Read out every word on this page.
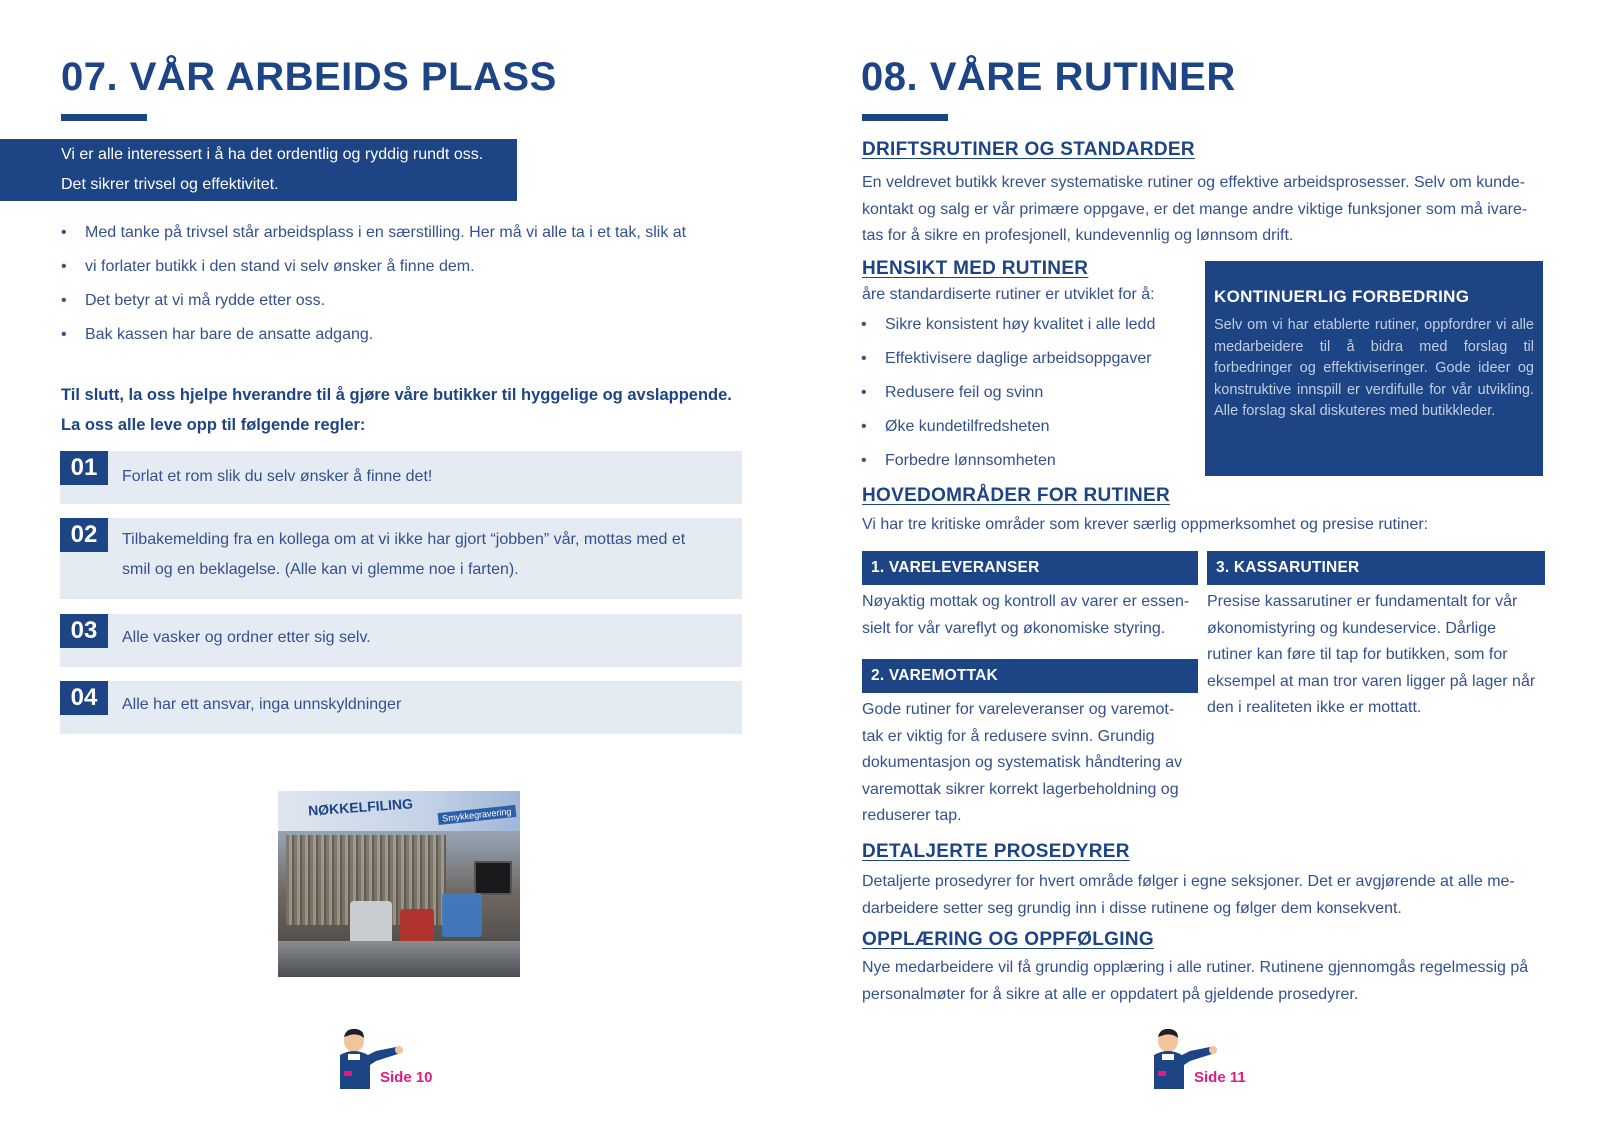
07. VÅR ARBEIDS PLASS
Vi er alle interessert i å ha det ordentlig og ryddig rundt oss.
Det sikrer trivsel og effektivitet.
• Med tanke på trivsel står arbeidsplass i en særstilling. Her må vi alle ta i et tak, slik at
• vi forlater butikk i den stand vi selv ønsker å finne dem.
• Det betyr at vi må rydde etter oss.
• Bak kassen har bare de ansatte adgang.
Til slutt, la oss hjelpe hverandre til å gjøre våre butikker til hyggelige og avslappende.
La oss alle leve opp til følgende regler:
01	Forlat et rom slik du selv ønsker å finne det!
02	Tilbakemelding fra en kollega om at vi ikke har gjort “jobben” vår, mottas med et
smil og en beklagelse. (Alle kan vi glemme noe i farten).
03	Alle vasker og ordner etter sig selv.
04	Alle har ett ansvar, inga unnskyldninger
NØKKELFILING	Smykkegravering
Side 10
08. VÅRE RUTINER
DRIFTSRUTINER OG STANDARDER
En veldrevet butikk krever systematiske rutiner og effektive arbeidsprosesser. Selv om kunde-
kontakt og salg er vår primære oppgave, er det mange andre viktige funksjoner som må ivare-
tas for å sikre en profesjonell, kundevennlig og lønnsom drift.
HENSIKT MED RUTINER
åre standardiserte rutiner er utviklet for å:
• Sikre konsistent høy kvalitet i alle ledd
• Effektivisere daglige arbeidsoppgaver
• Redusere feil og svinn
• Øke kundetilfredsheten
• Forbedre lønnsomheten
KONTINUERLIG FORBEDRING
Selv om vi har etablerte rutiner, oppfordrer vi alle medarbeidere til å bidra med forslag til forbedringer og effektiviseringer. Gode ideer og konstruktive innspill er verdifulle for vår utvikling. Alle forslag skal diskuteres med butikkleder.
HOVEDOMRÅDER FOR RUTINER
Vi har tre kritiske områder som krever særlig oppmerksomhet og presise rutiner:
1. VARELEVERANSER
Nøyaktig mottak og kontroll av varer er essen-
sielt for vår vareflyt og økonomiske styring.
2. VAREMOTTAK
Gode rutiner for vareleveranser og varemot-
tak er viktig for å redusere svinn. Grundig
dokumentasjon og systematisk håndtering av
varemottak sikrer korrekt lagerbeholdning og
reduserer tap.
3. KASSARUTINER
Presise kassarutiner er fundamentalt for vår
økonomistyring og kundeservice. Dårlige
rutiner kan føre til tap for butikken, som for
eksempel at man tror varen ligger på lager når
den i realiteten ikke er mottatt.
DETALJERTE PROSEDYRER
Detaljerte prosedyrer for hvert område følger i egne seksjoner. Det er avgjørende at alle me-
darbeidere setter seg grundig inn i disse rutinene og følger dem konsekvent.
OPPLÆRING OG OPPFØLGING
Nye medarbeidere vil få grundig opplæring i alle rutiner. Rutinene gjennomgås regelmessig på
personalmøter for å sikre at alle er oppdatert på gjeldende prosedyrer.
Side 11
